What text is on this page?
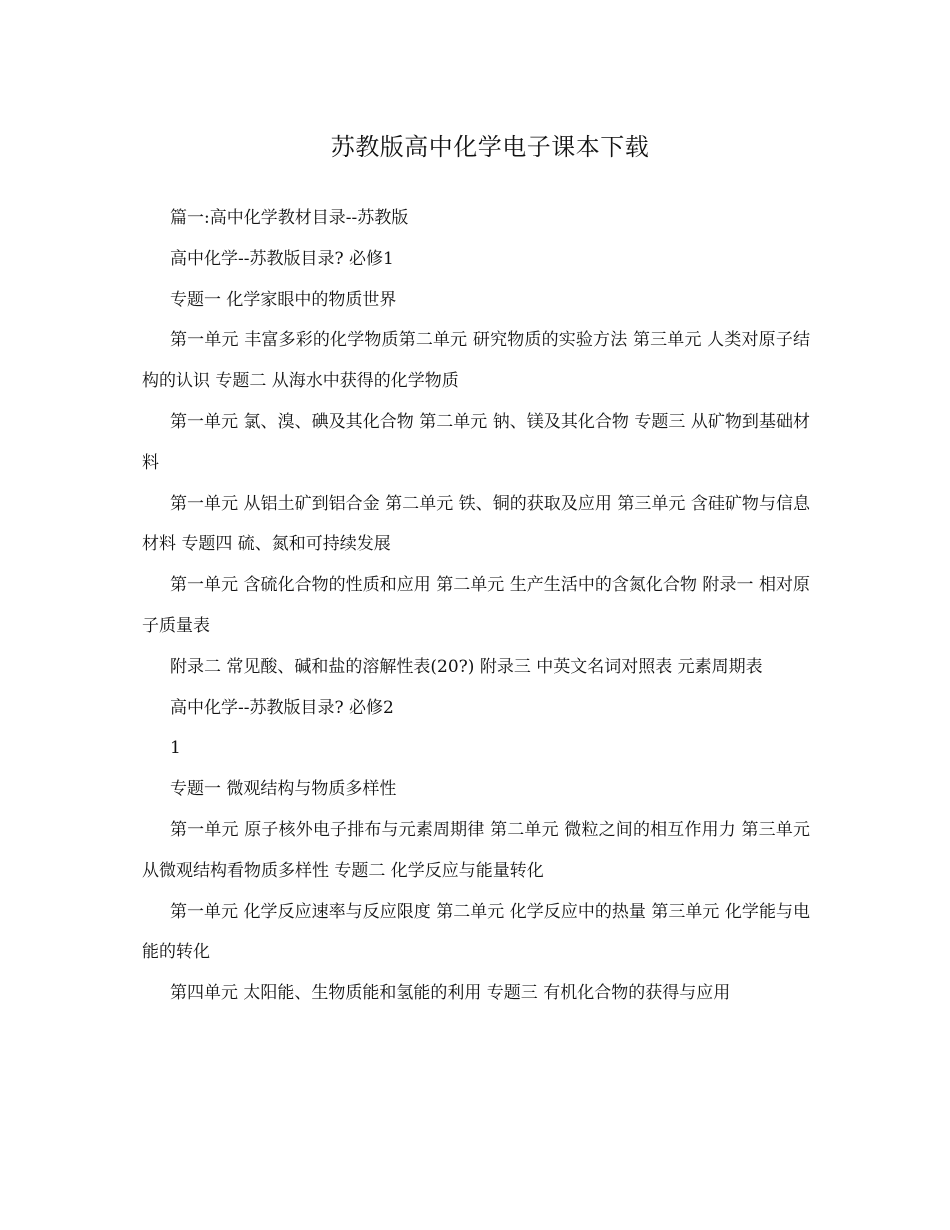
苏教版高中化学电子课本下载

篇一:高中化学教材目录--苏教版

高中化学--苏教版目录? 必修1

专题一 化学家眼中的物质世界

第一单元 丰富多彩的化学物质第二单元 研究物质的实验方法 第三单元 人类对原子结构的认识 专题二 从海水中获得的化学物质

第一单元 氯、溴、碘及其化合物 第二单元 钠、镁及其化合物 专题三 从矿物到基础材料

第一单元 从铝土矿到铝合金 第二单元 铁、铜的获取及应用 第三单元 含硅矿物与信息材料 专题四 硫、氮和可持续发展

第一单元 含硫化合物的性质和应用 第二单元 生产生活中的含氮化合物 附录一 相对原子质量表

附录二 常见酸、碱和盐的溶解性表(20?) 附录三 中英文名词对照表 元素周期表

高中化学--苏教版目录? 必修2

1

专题一 微观结构与物质多样性

第一单元 原子核外电子排布与元素周期律 第二单元 微粒之间的相互作用力 第三单元 从微观结构看物质多样性 专题二 化学反应与能量转化

第一单元 化学反应速率与反应限度 第二单元 化学反应中的热量 第三单元 化学能与电能的转化

第四单元 太阳能、生物质能和氢能的利用 专题三 有机化合物的获得与应用
